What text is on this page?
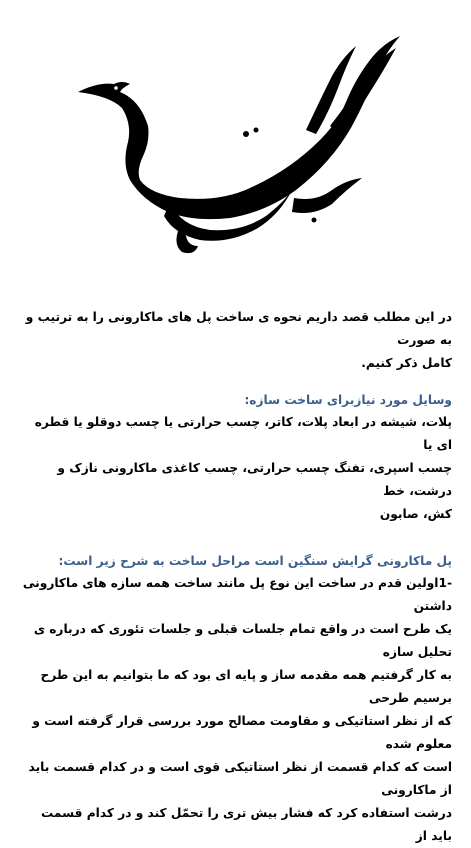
در این مطلب قصد داریم نحوه ی ساخت پل های ماکارونی را به ترتیب و به صورت
کامل ذکر کنیم.

وسایل مورد نیازبرای ساخت سازه:

پلات، شیشه در ابعاد پلات، کاتر، چسب حرارتی یا چسب دوقلو یا قطره ای یا
چسب اسپری، تفنگ چسب حرارتی، چسب کاغذی ماکارونی نازک و درشت، خط
کش، صابون

پل ماکارونی گرایش سنگین است مراحل ساخت به شرح زیر است:

-1اولین قدم در ساخت این نوع پل مانند ساخت همه سازه های ماکارونی داشتن
یک طرح است در واقع تمام جلسات قبلی و جلسات تئوری که درباره ی تحلیل سازه
به کار گرفتیم همه مقدمه ساز و پایه ای بود که ما بتوانیم به این طرح برسیم طرحی
که از نظر استاتیکی و مقاومت مصالح مورد بررسی قرار گرفته است و معلوم شده
است که کدام قسمت از نظر استاتیکی قوی است و در کدام قسمت باید از ماکارونی
درشت استفاده کرد که فشار بیش تری را تحمّل کند و در کدام قسمت باید از
